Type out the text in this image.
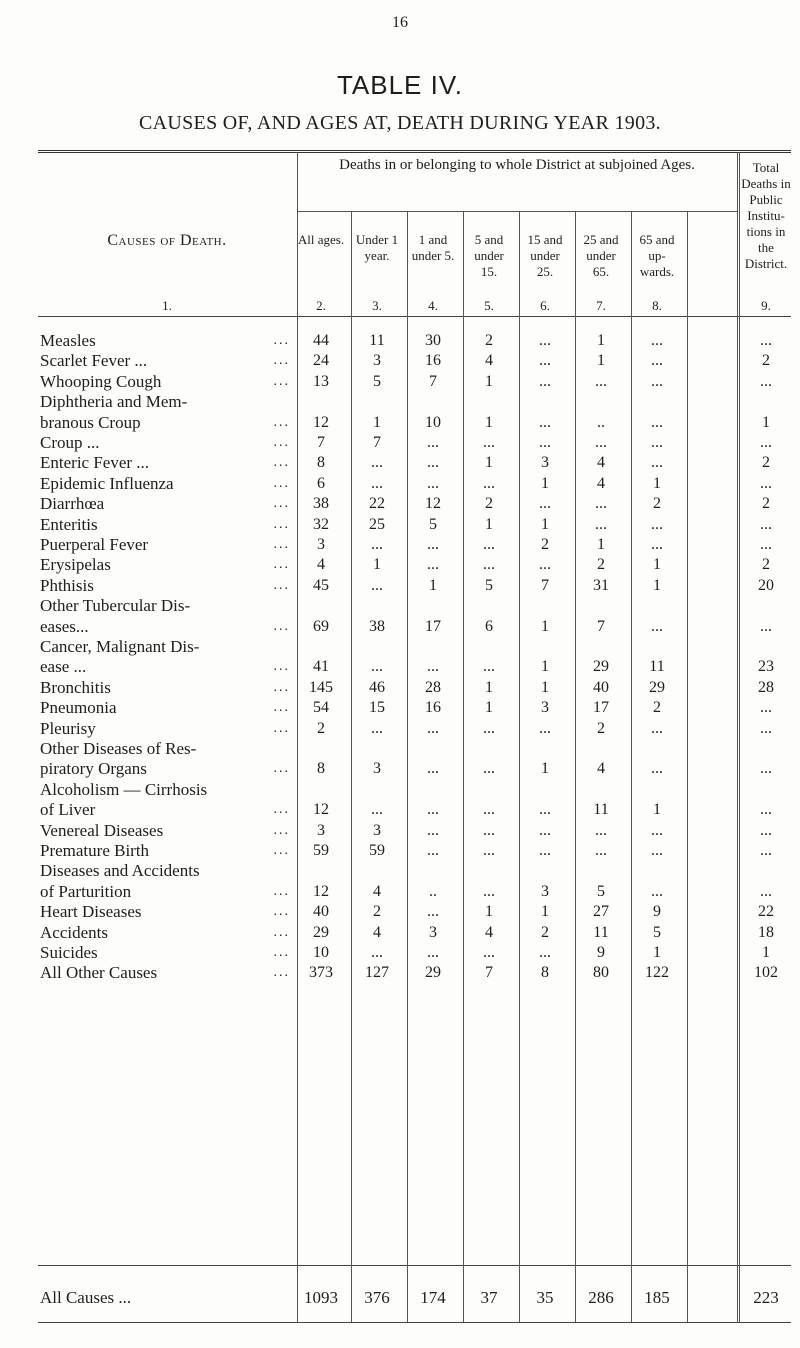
16
TABLE IV.
CAUSES OF, AND AGES AT, DEATH DURING YEAR 1903.
Deaths in or belonging to whole District at subjoined Ages.
Causes of Death.
1.
All ages.
2.
Under 1 year.
3.
1 and under 5.
4.
5 and under 15.
5.
15 and under 25.
6.
25 and under 65.
7.
65 and up- wards.
8.
Total Deaths in Public Institu- tions in the District.
9.
Measles	...	44	11	30	2	...	1	...	...
Scarlet Fever ...	...	24	3	16	4	...	1	...	2
Whooping Cough	...	13	5	7	1	...	...	...	...
Diphtheria and Mem-
branous Croup	...	12	1	10	1	...	..	...	1
Croup ...	...	7	7	...	...	...	...	...	...
Enteric Fever ...	...	8	...	...	1	3	4	...	2
Epidemic Influenza	...	6	...	...	...	1	4	1	...
Diarrhœa	...	38	22	12	2	...	...	2	2
Enteritis	...	32	25	5	1	1	...	...	...
Puerperal Fever	...	3	...	...	...	2	1	...	...
Erysipelas	...	4	1	...	...	...	2	1	2
Phthisis	...	45	...	1	5	7	31	1	20
Other Tubercular Dis-
eases...	...	69	38	17	6	1	7	...	...
Cancer, Malignant Dis-
ease ...	...	41	...	...	...	1	29	11	23
Bronchitis	...	145	46	28	1	1	40	29	28
Pneumonia	...	54	15	16	1	3	17	2	...
Pleurisy	...	2	...	...	...	...	2	...	...
Other Diseases of Res-
piratory Organs	...	8	3	...	...	1	4	...	...
Alcoholism — Cirrhosis
of Liver	...	12	...	...	...	...	11	1	...
Venereal Diseases	...	3	3	...	...	...	...	...	...
Premature Birth	...	59	59	...	...	...	...	...	...
Diseases and Accidents
of Parturition	...	12	4	..	...	3	5	...	...
Heart Diseases	...	40	2	...	1	1	27	9	22
Accidents	...	29	4	3	4	2	11	5	18
Suicides	...	10	...	...	...	...	9	1	1
All Other Causes	...	373	127	29	7	8	80	122	102
All Causes ...	1093	376	174	37	35	286	185	223
